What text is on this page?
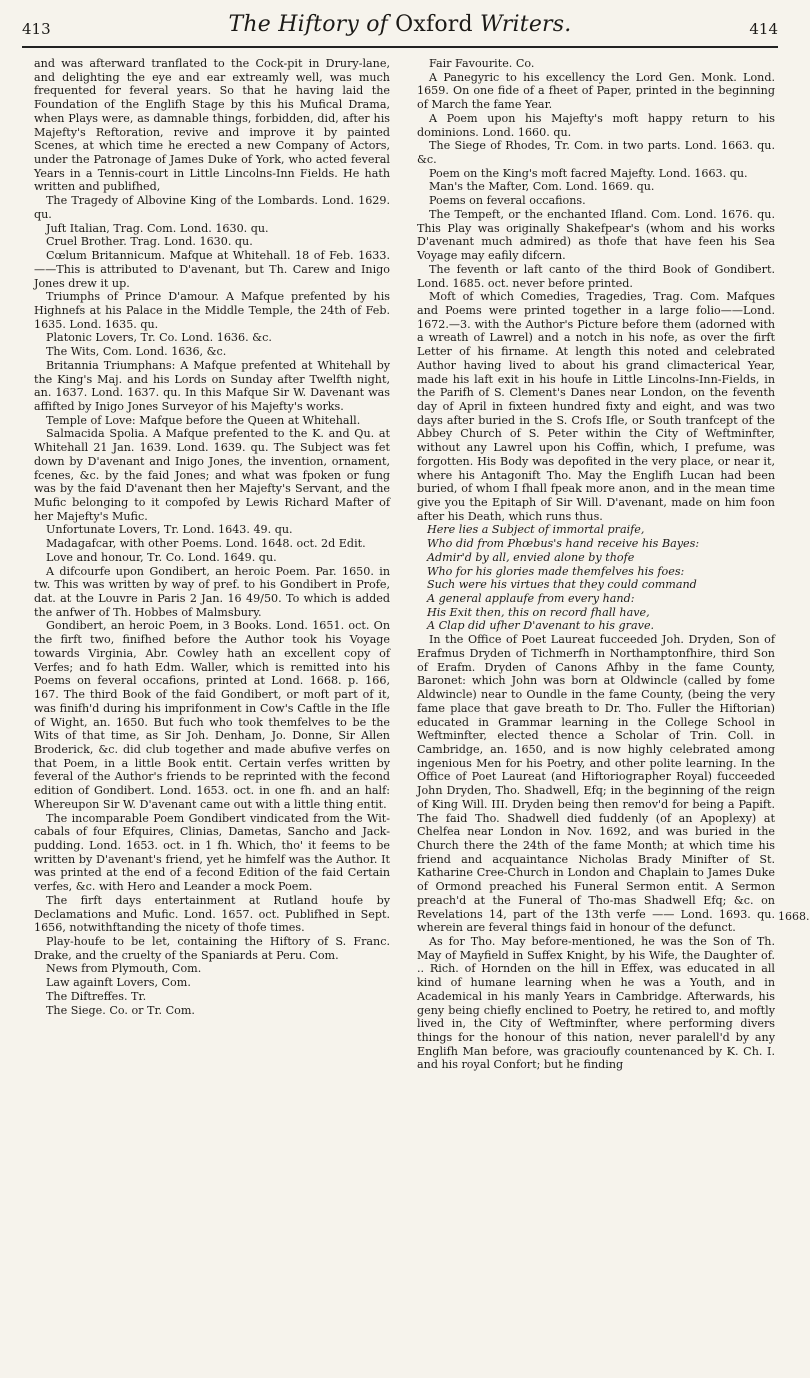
413	The Hiftory of Oxford Writers.	414

and was afterward tranflated to the Cock-pit in Drury-lane, and delighting the eye and ear extreamly well, was much frequented for feveral years. So that he having laid the Foundation of the Englifh Stage by this his Mufical Drama, when Plays were, as damnable things, forbidden, did, after his Majefty's Reftoration, revive and improve it by painted Scenes, at which time he erected a new Company of Actors, under the Patronage of James Duke of York, who acted feveral Years in a Tennis-court in Little Lincolns-Inn Fields. He hath written and publifhed,

The Tragedy of Albovine King of the Lombards. Lond. 1629. qu.

Juft Italian, Trag. Com. Lond. 1630. qu.

Cruel Brother. Trag. Lond. 1630. qu.

Cœlum Britannicum. Mafque at Whitehall. 18 of Feb. 1633.——This is attributed to D'avenant, but Th. Carew and Inigo Jones drew it up.

Triumphs of Prince D'amour. A Mafque prefented by his Highnefs at his Palace in the Middle Temple, the 24th of Feb. 1635. Lond. 1635. qu.

Platonic Lovers, Tr. Co. Lond. 1636. &c.

The Wits, Com. Lond. 1636, &c.

Britannia Triumphans: A Mafque prefented at Whitehall by the King's Maj. and his Lords on Sunday after Twelfth night, an. 1637. Lond. 1637. qu. In this Mafque Sir W. Davenant was affifted by Inigo Jones Surveyor of his Majefty's works.

Temple of Love: Mafque before the Queen at Whitehall.

Salmacida Spolia. A Mafque prefented to the K. and Qu. at Whitehall 21 Jan. 1639. Lond. 1639. qu. The Subject was fet down by D'avenant and Inigo Jones, the invention, ornament, fcenes, &c. by the faid Jones; and what was fpoken or fung was by the faid D'avenant then her Majefty's Servant, and the Mufic belonging to it compofed by Lewis Richard Mafter of her Majefty's Mufic.

Unfortunate Lovers, Tr. Lond. 1643. 49. qu.

Madagafcar, with other Poems. Lond. 1648. oct. 2d Edit.

Love and honour, Tr. Co. Lond. 1649. qu.

A difcourfe upon Gondibert, an heroic Poem. Par. 1650. in tw. This was written by way of pref. to his Gondibert in Profe, dat. at the Louvre in Paris 2 Jan. 16 49/50. To which is added the anfwer of Th. Hobbes of Malmsbury.

Gondibert, an heroic Poem, in 3 Books. Lond. 1651. oct. On the firft two, finifhed before the Author took his Voyage towards Virginia, Abr. Cowley hath an excellent copy of Verfes; and fo hath Edm. Waller, which is remitted into his Poems on feveral occafions, printed at Lond. 1668. p. 166, 167. The third Book of the faid Gondibert, or moft part of it, was finifh'd during his imprifonment in Cow's Caftle in the Ifle of Wight, an. 1650. But fuch who took themfelves to be the Wits of that time, as Sir Joh. Denham, Jo. Donne, Sir Allen Broderick, &c. did club together and made abufive verfes on that Poem, in a little Book entit. Certain verfes written by feveral of the Author's friends to be reprinted with the fecond edition of Gondibert. Lond. 1653. oct. in one fh. and an half: Whereupon Sir W. D'avenant came out with a little thing entit.

The incomparable Poem Gondibert vindicated from the Wit-cabals of four Efquires, Clinias, Dametas, Sancho and Jack-pudding. Lond. 1653. oct. in 1 fh. Which, tho' it feems to be written by D'avenant's friend, yet he himfelf was the Author. It was printed at the end of a fecond Edition of the faid Certain verfes, &c. with Hero and Leander a mock Poem.

The firft days entertainment at Rutland houfe by Declamations and Mufic. Lond. 1657. oct. Publifhed in Sept. 1656, notwithftanding the nicety of thofe times.

Play-houfe to be let, containing the Hiftory of S. Franc. Drake, and the cruelty of the Spaniards at Peru. Com.

News from Plymouth, Com.

Law againft Lovers, Com.

The Diftreffes. Tr.

The Siege. Co. or Tr. Com.

Fair Favourite. Co.

A Panegyric to his excellency the Lord Gen. Monk. Lond. 1659. On one fide of a fheet of Paper, printed in the beginning of March the fame Year.

A Poem upon his Majefty's moft happy return to his dominions. Lond. 1660. qu.

The Siege of Rhodes, Tr. Com. in two parts. Lond. 1663. qu. &c.

Poem on the King's moft facred Majefty. Lond. 1663. qu.

Man's the Mafter, Com. Lond. 1669. qu.

Poems on feveral occafions.

The Tempeft, or the enchanted Ifland. Com. Lond. 1676. qu. This Play was originally Shakefpear's (whom and his works D'avenant much admired) as thofe that have feen his Sea Voyage may eafily difcern.

The feventh or laft canto of the third Book of Gondibert. Lond. 1685. oct. never before printed.

Moft of which Comedies, Tragedies, Trag. Com. Mafques and Poems were printed together in a large folio——Lond. 1672.—3. with the Author's Picture before them (adorned with a wreath of Lawrel) and a notch in his nofe, as over the firft Letter of his firname. At length this noted and celebrated Author having lived to about his grand climacterical Year, made his laft exit in his houfe in Little Lincolns-Inn-Fields, in the Parifh of S. Clement's Danes near London, on the feventh day of April in fixteen hundred fixty and eight, and was two days after buried in the S. Crofs Ifle, or South tranfcept of the Abbey Church of S. Peter within the City of Weftminfter, without any Lawrel upon his Coffin, which, I prefume, was forgotten. His Body was depofited in the very place, or near it, where his Antagonift Tho. May the Englifh Lucan had been buried, of whom I fhall fpeak more anon, and in the mean time give you the Epitaph of Sir Will. D'avenant, made on him foon after his Death, which runs thus.

Here lies a Subject of immortal praife,

Who did from Phœbus's hand receive his Bayes:

Admir'd by all, envied alone by thofe

Who for his glories made themfelves his foes:

Such were his virtues that they could command

A general applaufe from every hand:

His Exit then, this on record fhall have,

A Clap did ufher D'avenant to his grave.

In the Office of Poet Laureat fucceeded Joh. Dryden, Son of Erafmus Dryden of Tichmerfh in Northamptonfhire, third Son of Erafm. Dryden of Canons Afhby in the fame County, Baronet: which John was born at Oldwincle (called by fome Aldwincle) near to Oundle in the fame County, (being the very fame place that gave breath to Dr. Tho. Fuller the Hiftorian) educated in Grammar learning in the College School in Weftminfter, elected thence a Scholar of Trin. Coll. in Cambridge, an. 1650, and is now highly celebrated among ingenious Men for his Poetry, and other polite learning. In the Office of Poet Laureat (and Hiftoriographer Royal) fucceeded John Dryden, Tho. Shadwell, Efq; in the beginning of the reign of King Will. III. Dryden being then remov'd for being a Papift. The faid Tho. Shadwell died fuddenly (of an Apoplexy) at Chelfea near London in Nov. 1692, and was buried in the Church there the 24th of the fame Month; at which time his friend and acquaintance Nicholas Brady Minifter of St. Katharine Cree-Church in London and Chaplain to James Duke of Ormond preached his Funeral Sermon entit. A Sermon preach'd at the Funeral of Tho-mas Shadwell Efq; &c. on Revelations 14, part of the 13th verfe —— Lond. 1693. qu. wherein are feveral things faid in honour of the defunct.

As for Tho. May before-mentioned, he was the Son of Th. May of Mayfield in Suffex Knight, by his Wife, the Daughter of. .. Rich. of Hornden on the hill in Effex, was educated in all kind of humane learning when he was a Youth, and in Academical in his manly Years in Cambridge. Afterwards, his geny being chiefly enclined to Poetry, he retired to, and moftly lived in, the City of Weftminfter, where performing divers things for the honour of this nation, never paralell'd by any Englifh Man before, was gracioufly countenanced by K. Ch. I. and his royal Confort; but he finding

1668.
